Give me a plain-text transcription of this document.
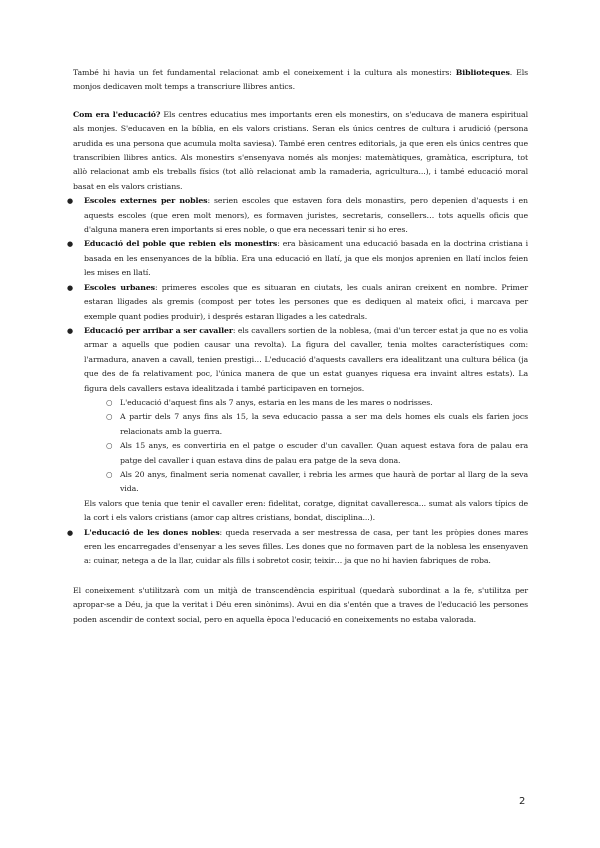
També hi havia un fet fundamental relacionat amb el coneixement i la cultura als monestirs: Biblioteques. Els monjos dedicaven molt temps a transcriure llibres antics.

Com era l'educació? Els centres educatius mes importants eren els monestirs, on s'educava de manera espiritual als monjes. S'educaven en la bíblia, en els valors cristians. Seran els únics centres de cultura i arudició (persona arudida es una persona que acumula molta saviesa). També eren centres editorials, ja que eren els únics centres que transcribien llibres antics. Als monestirs s'ensenyava només als monjes: matemàtiques, gramàtica, escriptura, tot allò relacionat amb els treballs físics (tot allò relacionat amb la ramaderia, agricultura...), i també educació moral basat en els valors cristians.

● Escoles externes per nobles: serien escoles que estaven fora dels monastirs, pero depenien d'aquests i en aquests escoles (que eren molt menors), es formaven juristes, secretaris, consellers… tots aquells oficis que d'alguna manera eren importants si eres noble, o que era necessari tenir si ho eres.
● Educació del poble que rebien els monestirs: era bàsicament una educació basada en la doctrina cristiana i basada en les ensenyances de la bíblia. Era una educació en llatí, ja que els monjos aprenien en llatí inclos feien les mises en llatí.
● Escoles urbanes: primeres escoles que es situaran en ciutats, les cuals aniran creixent en nombre. Primer estaran lligades als gremis (compost per totes les persones que es dediquen al mateix ofici, i marcava per exemple quant podies produir), i després estaran lligades a les catedrals.
● Educació per arribar a ser cavaller: els cavallers sortien de la noblesa, (mai d'un tercer estat ja que no es volia armar a aquells que podien causar una revolta). La figura del cavaller, tenia moltes característiques com: l'armadura, anaven a cavall, tenien prestigi… L'educació d'aquests cavallers era idealitzant una cultura bélica (ja que des de fa relativament poc, l'única manera de que un estat guanyes riquesa era invaint altres estats). La figura dels cavallers estava idealitzada i també participaven en tornejos.
○ L'educació d'aquest fins als 7 anys, estaria en les mans de les mares o nodrisses.
○ A partir dels 7 anys fins als 15, la seva educacio passa a ser ma dels homes els cuals els farien jocs relacionats amb la guerra.
○ Als 15 anys, es convertiria en el patge o escuder d'un cavaller. Quan aquest estava fora de palau era patge del cavaller i quan estava dins de palau era patge de la seva dona.
○ Als 20 anys, finalment seria nomenat cavaller, i rebria les armes que haurà de portar al llarg de la seva vida.

Els valors que tenia que tenir el cavaller eren: fidelitat, coratge, dignitat cavalleresca... sumat als valors típics de la cort i els valors cristians (amor cap altres cristians, bondat, disciplina...).

● L'educació de les dones nobles: queda reservada a ser mestressa de casa, per tant les pròpies dones mares eren les encarregades d'ensenyar a les seves filles. Les dones que no formaven part de la noblesa les ensenyaven a: cuinar, netega a de la llar, cuidar als fills i sobretot cosir, teixir… ja que no hi havien fabriques de roba.

El coneixement s'utilitzarà com un mitjà de transcendència espiritual (quedarà subordinat a la fe, s'utilitza per apropar-se a Déu, ja que la veritat i Déu eren sinònims). Avui en dia s'entén que a traves de l'educació les persones poden ascendir de context social, pero en aquella època l'educació en coneixements no estaba valorada.

2
